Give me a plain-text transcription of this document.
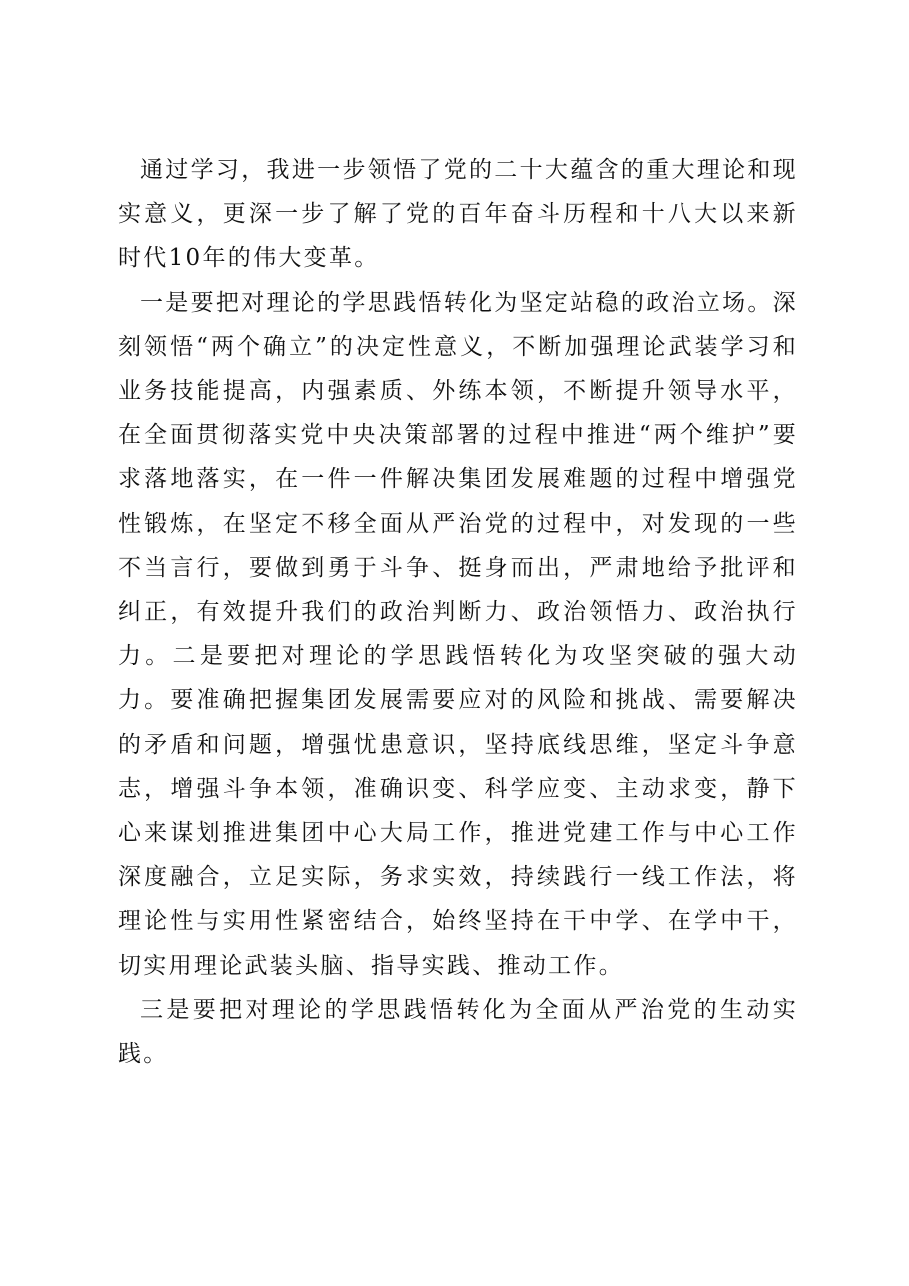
通过学习，我进一步领悟了党的二十大蕴含的重大理论和现实意义，更深一步了解了党的百年奋斗历程和十八大以来新时代10年的伟大变革。

一是要把对理论的学思践悟转化为坚定站稳的政治立场。深刻领悟“两个确立”的决定性意义，不断加强理论武装学习和业务技能提高，内强素质、外练本领，不断提升领导水平，在全面贯彻落实党中央决策部署的过程中推进“两个维护”要求落地落实，在一件一件解决集团发展难题的过程中增强党性锻炼，在坚定不移全面从严治党的过程中，对发现的一些不当言行，要做到勇于斗争、挺身而出，严肃地给予批评和纠正，有效提升我们的政治判断力、政治领悟力、政治执行力。二是要把对理论的学思践悟转化为攻坚突破的强大动力。要准确把握集团发展需要应对的风险和挑战、需要解决的矛盾和问题，增强忧患意识，坚持底线思维，坚定斗争意志，增强斗争本领，准确识变、科学应变、主动求变，静下心来谋划推进集团中心大局工作，推进党建工作与中心工作深度融合，立足实际，务求实效，持续践行一线工作法，将理论性与实用性紧密结合，始终坚持在干中学、在学中干，切实用理论武装头脑、指导实践、推动工作。

三是要把对理论的学思践悟转化为全面从严治党的生动实践。
